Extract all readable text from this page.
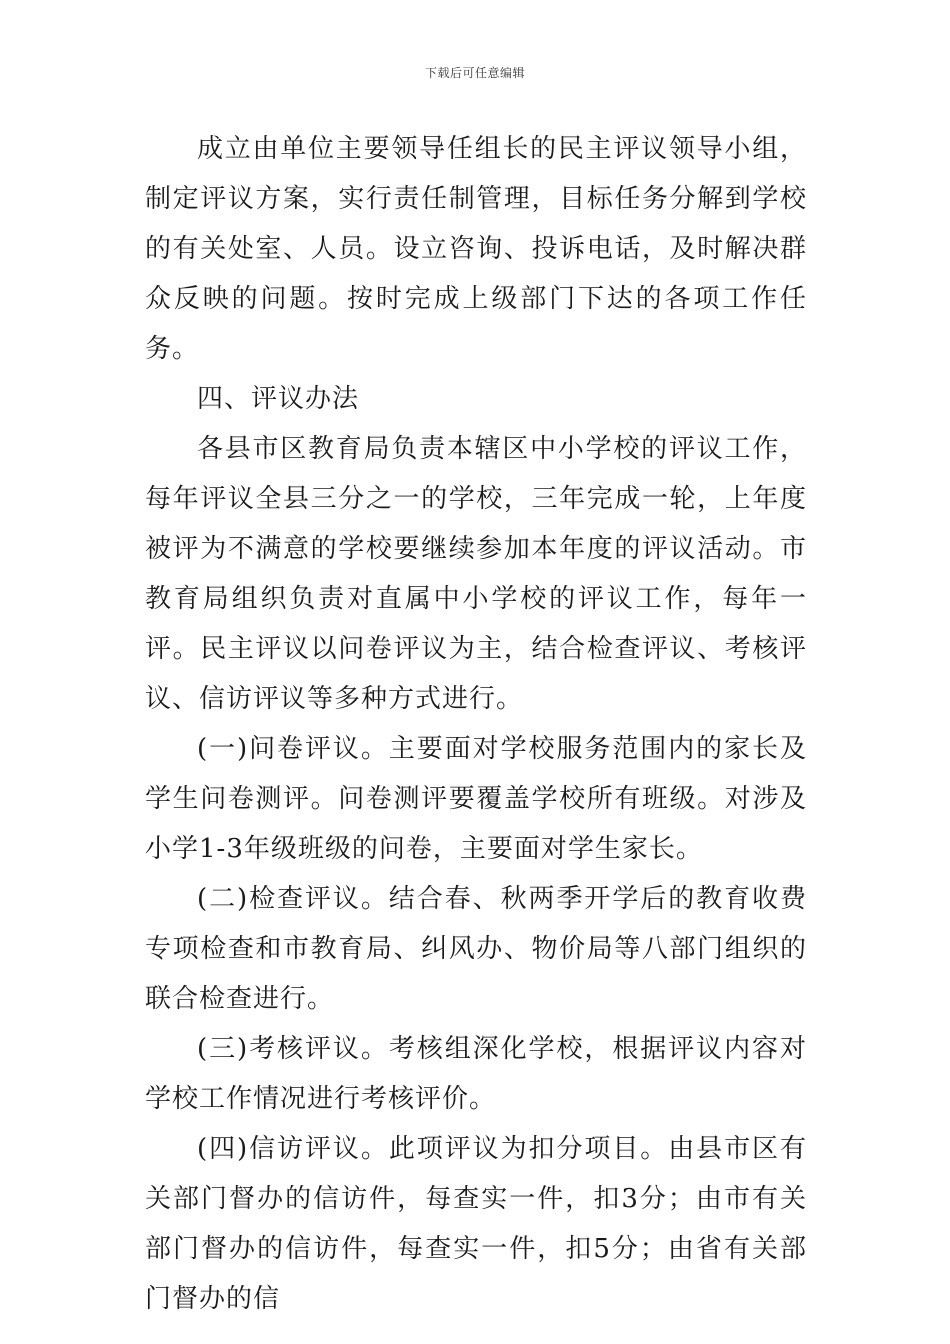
下载后可任意编辑

成立由单位主要领导任组长的民主评议领导小组，制定评议方案，实行责任制管理，目标任务分解到学校的有关处室、人员。设立咨询、投诉电话，及时解决群众反映的问题。按时完成上级部门下达的各项工作任务。

四、评议办法

各县市区教育局负责本辖区中小学校的评议工作，每年评议全县三分之一的学校，三年完成一轮，上年度被评为不满意的学校要继续参加本年度的评议活动。市教育局组织负责对直属中小学校的评议工作，每年一评。民主评议以问卷评议为主，结合检查评议、考核评议、信访评议等多种方式进行。

(一)问卷评议。主要面对学校服务范围内的家长及学生问卷测评。问卷测评要覆盖学校所有班级。对涉及小学1-3年级班级的问卷，主要面对学生家长。

(二)检查评议。结合春、秋两季开学后的教育收费专项检查和市教育局、纠风办、物价局等八部门组织的联合检查进行。

(三)考核评议。考核组深化学校，根据评议内容对学校工作情况进行考核评价。

(四)信访评议。此项评议为扣分项目。由县市区有关部门督办的信访件，每查实一件，扣3分；由市有关部门督办的信访件，每查实一件，扣5分；由省有关部门督办的信
